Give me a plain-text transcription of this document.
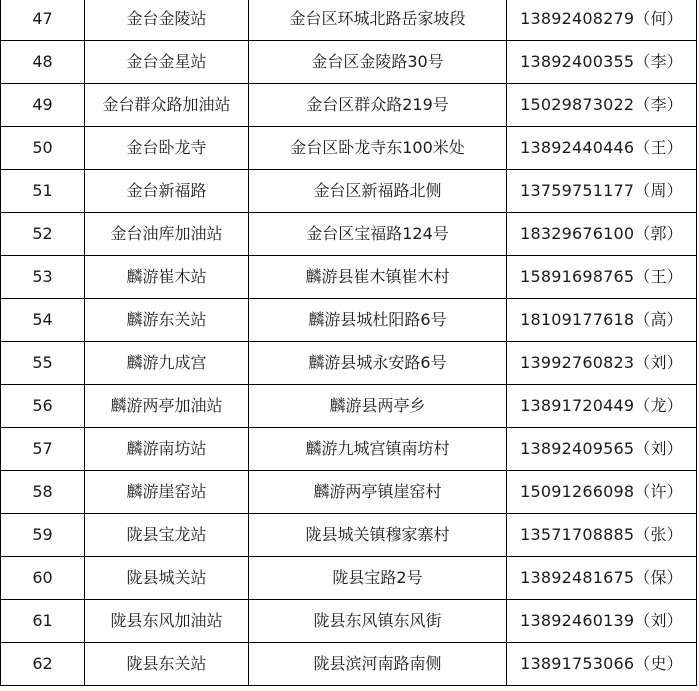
47	金台金陵站	金台区环城北路岳家坡段	13892408279（何）
48	金台金星站	金台区金陵路30号	13892400355（李）
49	金台群众路加油站	金台区群众路219号	15029873022（李）
50	金台卧龙寺	金台区卧龙寺东100米处	13892440446（王）
51	金台新福路	金台区新福路北侧	13759751177（周）
52	金台油库加油站	金台区宝福路124号	18329676100（郭）
53	麟游崔木站	麟游县崔木镇崔木村	15891698765（王）
54	麟游东关站	麟游县城杜阳路6号	18109177618（高）
55	麟游九成宫	麟游县城永安路6号	13992760823（刘）
56	麟游两亭加油站	麟游县两亭乡	13891720449（龙）
57	麟游南坊站	麟游九城宫镇南坊村	13892409565（刘）
58	麟游崖窑站	麟游两亭镇崖窑村	15091266098（许）
59	陇县宝龙站	陇县城关镇穆家寨村	13571708885（张）
60	陇县城关站	陇县宝路2号	13892481675（保）
61	陇县东风加油站	陇县东风镇东风街	13892460139（刘）
62	陇县东关站	陇县滨河南路南侧	13891753066（史）
